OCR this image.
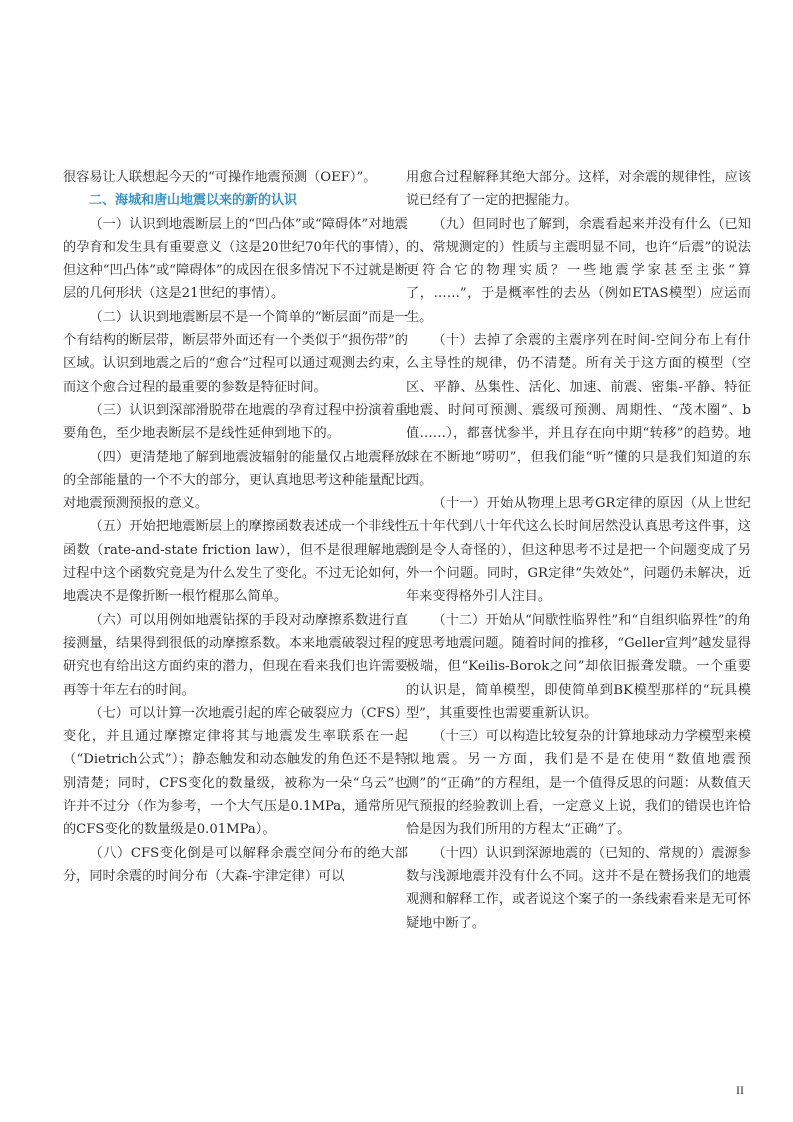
很容易让人联想起今天的“可操作地震预测（OEF）”。

二、海城和唐山地震以来的新的认识

（一）认识到地震断层上的“凹凸体”或“障碍体”对地震的孕育和发生具有重要意义（这是20世纪70年代的事情），但这种“凹凸体”或“障碍体”的成因在很多情况下不过就是断层的几何形状（这是21世纪的事情）。

（二）认识到地震断层不是一个简单的“断层面”而是一个有结构的断层带，断层带外面还有一个类似于“损伤带”的区域。认识到地震之后的“愈合”过程可以通过观测去约束，而这个愈合过程的最重要的参数是特征时间。

（三）认识到深部滑脱带在地震的孕育过程中扮演着重要角色，至少地表断层不是线性延伸到地下的。

（四）更清楚地了解到地震波辐射的能量仅占地震释放的全部能量的一个不大的部分，更认真地思考这种能量配比对地震预测预报的意义。

（五）开始把地震断层上的摩擦函数表述成一个非线性函数（rate-and-state friction law），但不是很理解地震过程中这个函数究竟是为什么发生了变化。不过无论如何，地震决不是像折断一根竹棍那么简单。

（六）可以用例如地震钻探的手段对动摩擦系数进行直接测量，结果得到很低的动摩擦系数。本来地震破裂过程的研究也有给出这方面约束的潜力，但现在看来我们也许需要再等十年左右的时间。

（七）可以计算一次地震引起的库仑破裂应力（CFS）变化，并且通过摩擦定律将其与地震发生率联系在一起（“Dietrich公式”）；静态触发和动态触发的角色还不是特别清楚；同时，CFS变化的数量级，被称为一朵“乌云”也许并不过分（作为参考，一个大气压是0.1MPa，通常所见的CFS变化的数量级是0.01MPa）。

（八）CFS变化倒是可以解释余震空间分布的绝大部分，同时余震的时间分布（大森-宇津定律）可以

用愈合过程解释其绝大部分。这样，对余震的规律性，应该说已经有了一定的把握能力。

（九）但同时也了解到，余震看起来并没有什么（已知的、常规测定的）性质与主震明显不同，也许“后震”的说法更符合它的物理实质？一些地震学家甚至主张“算了，……”，于是概率性的去丛（例如ETAS模型）应运而生。

（十）去掉了余震的主震序列在时间-空间分布上有什么主导性的规律，仍不清楚。所有关于这方面的模型（空区、平静、丛集性、活化、加速、前震、密集-平静、特征地震、时间可预测、震级可预测、周期性、“茂木圈”、b值……），都喜忧参半，并且存在向中期“转移”的趋势。地球在不断地“唠叨”，但我们能“听”懂的只是我们知道的东西。

（十一）开始从物理上思考GR定律的原因（从上世纪五十年代到八十年代这么长时间居然没认真思考这件事，这倒是令人奇怪的），但这种思考不过是把一个问题变成了另外一个问题。同时，GR定律“失效处”，问题仍未解决，近年来变得格外引人注目。

（十二）开始从“间歇性临界性”和“自组织临界性”的角度思考地震问题。随着时间的推移，“Geller宣判”越发显得极端，但“Keilis-Borok之问”却依旧振聋发聩。一个重要的认识是，简单模型，即使简单到BK模型那样的“玩具模型”，其重要性也需要重新认识。

（十三）可以构造比较复杂的计算地球动力学模型来模拟地震。另一方面，我们是不是在使用“数值地震预测”的“正确”的方程组，是一个值得反思的问题：从数值天气预报的经验教训上看，一定意义上说，我们的错误也许恰恰是因为我们所用的方程太“正确”了。

（十四）认识到深源地震的（已知的、常规的）震源参数与浅源地震并没有什么不同。这并不是在赞扬我们的地震观测和解释工作，或者说这个案子的一条线索看来是无可怀疑地中断了。

II
